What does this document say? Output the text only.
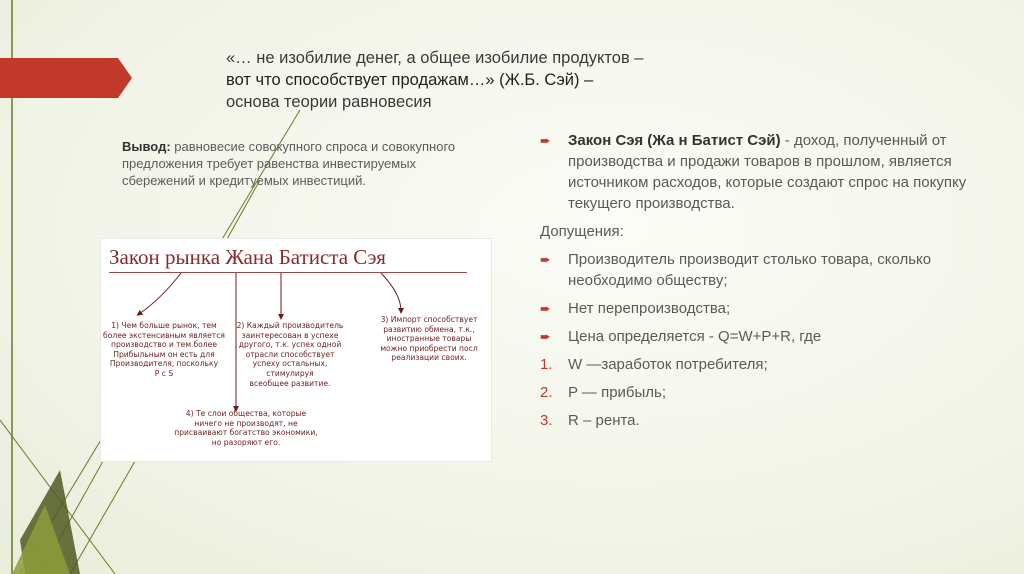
«… не изобилие денег, а общее изобилие продуктов –
вот что способствует продажам…» (Ж.Б. Сэй) –
основа теории равновесия
Вывод: равновесие совокупного спроса и совокупного предложения требует равенства инвестируемых сбережений и кредитуемых инвестиций.
Закон рынка Жана Батиста Сэя
1) Чем больше рынок, тем
более экстенсивным является
производство и тем более
Прибыльным он есть для
Производителя, поскольку
P c S
2) Каждый производитель
заинтересован в успехе
другого, т.к. успех одной
отрасли способствует
успеху остальных, стимулируя
всеобщее развитие.
3) Импорт способствует
развитию обмена, т.к.,
иностранные товары
можно приобрести посл
реализации своих.
4) Те слои общества, которые
ничего не производят, не
присваивают богатство экономики,
но разоряют его.
➨ Закон Сэя (Жа н Батист Сэй) - доход, полученный от производства и продажи товаров в прошлом, является источником расходов, которые создают спрос на покупку текущего производства.
Допущения:
➨ Производитель производит столько товара, сколько необходимо обществу;
➨ Нет перепроизводства;
➨ Цена определяется - Q=W+P+R, где
1. W —заработок потребителя;
2. P — прибыль;
3. R – рента.
